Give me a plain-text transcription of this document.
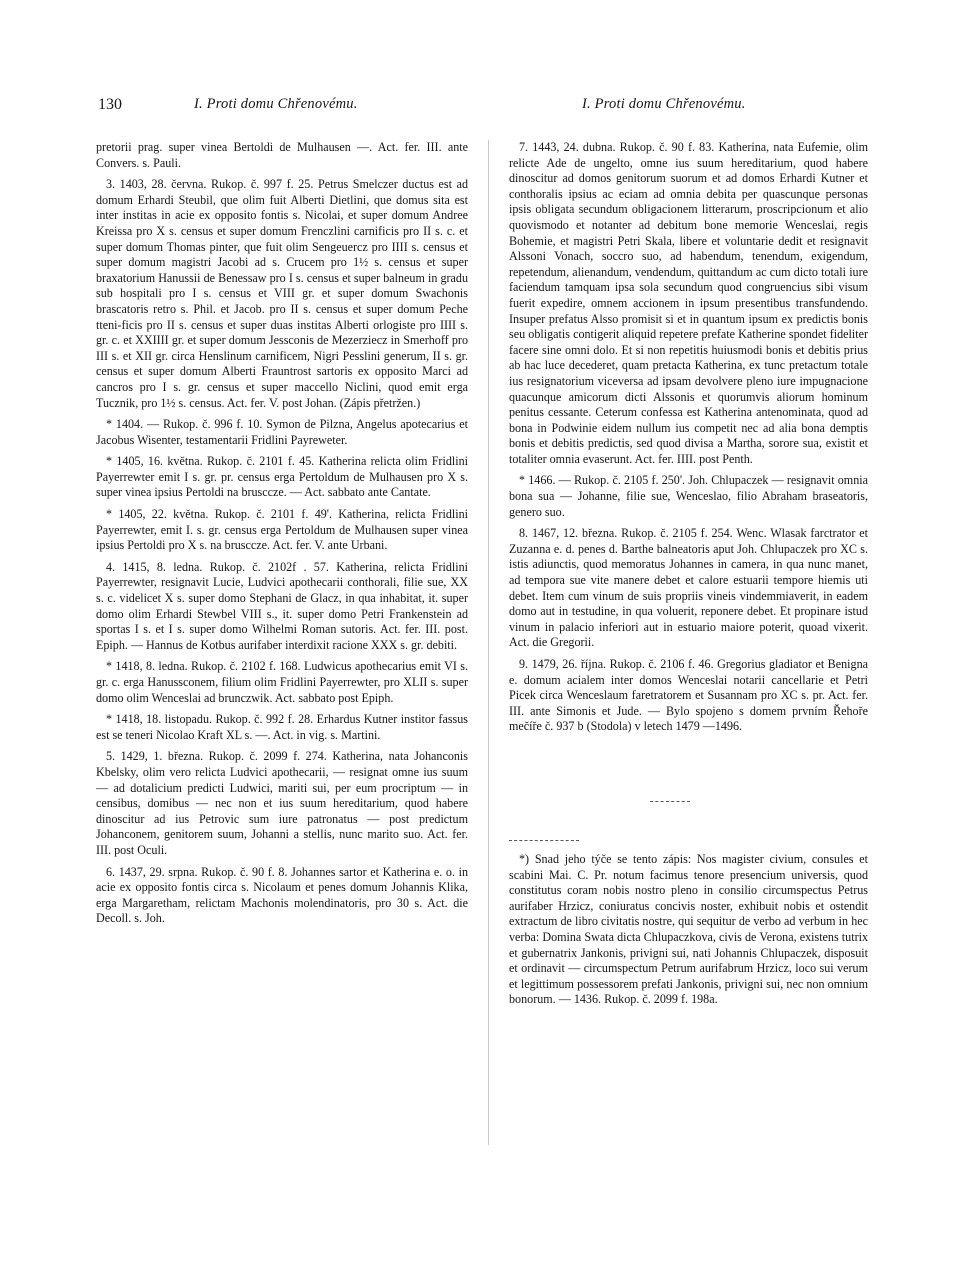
130	I. Proti domu Chřenovému.	I. Proti domu Chřenovému.

pretorii prag. super vinea Bertoldi de Mulhausen —. Act. fer. III. ante Convers. s. Pauli.

3. 1403, 28. června. Rukop. č. 997 f. 25. Petrus Smelczer ductus est ad domum Erhardi Steubil, que olim fuit Alberti Dietlini, que domus sita est inter institas in acie ex opposito fontis s. Nicolai, et super domum Andree Kreissa pro X s. census et super domum Frenczlini carnificis pro II s. c. et super domum Thomas pinter, que fuit olim Sengeuercz pro IIII s. census et super domum magistri Jacobi ad s. Crucem pro 1½ s. census et super braxatorium Hanussii de Benessaw pro I s. census et super balneum in gradu sub hospitali pro I s. census et VIII gr. et super domum Swachonis brascatoris retro s. Phil. et Jacob. pro II s. census et super domum Peche tteni-ficis pro II s. census et super duas institas Alberti orlogiste pro IIII s. gr. c. et XXIIII gr. et super domum Jessconis de Mezerziecz in Smerhoff pro III s. et XII gr. circa Henslinum carnificem, Nigri Pesslini generum, II s. gr. census et super domum Alberti Frauntrost sartoris ex opposito Marci ad cancros pro I s. gr. census et super maccello Niclini, quod emit erga Tucznik, pro 1½ s. census. Act. fer. V. post Johan. (Zápis přetržen.)

* 1404. — Rukop. č. 996 f. 10. Symon de Pilzna, Angelus apotecarius et Jacobus Wisenter, testamentarii Fridlini Payreweter.

* 1405, 16. května. Rukop. č. 2101 f. 45. Katherina relicta olim Fridlini Payerrewter emit I s. gr. pr. census erga Pertoldum de Mulhausen pro X s. super vinea ipsius Pertoldi na brusccze. — Act. sabbato ante Cantate.

* 1405, 22. května. Rukop. č. 2101 f. 49'. Katherina, relicta Fridlini Payerrewter, emit I. s. gr. census erga Pertoldum de Mulhausen super vinea ipsius Pertoldi pro X s. na brusccze. Act. fer. V. ante Urbani.

4. 1415, 8. ledna. Rukop. č. 2102f . 57. Katherina, relicta Fridlini Payerrewter, resignavit Lucie, Ludvici apothecarii conthorali, filie sue, XX s. c. videlicet X s. super domo Stephani de Glacz, in qua inhabitat, it. super domo olim Erhardi Stewbel VIII s., it. super domo Petri Frankenstein ad sportas I s. et I s. super domo Wilhelmi Roman sutoris. Act. fer. III. post. Epiph. — Hannus de Kotbus aurifaber interdixit racione XXX s. gr. debiti.

* 1418, 8. ledna. Rukop. č. 2102 f. 168. Ludwicus apothecarius emit VI s. gr. c. erga Hanussconem, filium olim Fridlini Payerrewter, pro XLII s. super domo olim Wenceslai ad brunczwik. Act. sabbato post Epiph.

* 1418, 18. listopadu. Rukop. č. 992 f. 28. Erhardus Kutner institor fassus est se teneri Nicolao Kraft XL s. —. Act. in vig. s. Martini.

5. 1429, 1. března. Rukop. č. 2099 f. 274. Katherina, nata Johanconis Kbelsky, olim vero relicta Ludvici apothecarii, — resignat omne ius suum — ad dotalicium predicti Ludwici, mariti sui, per eum procriptum — in censibus, domibus — nec non et ius suum hereditarium, quod habere dinoscitur ad ius Petrovic sum iure patronatus — post predictum Johanconem, genitorem suum, Johanni a stellis, nunc marito suo. Act. fer. III. post Oculi.

6. 1437, 29. srpna. Rukop. č. 90 f. 8. Johannes sartor et Katherina e. o. in acie ex opposito fontis circa s. Nicolaum et penes domum Johannis Klika, erga Margaretham, relictam Machonis molendinatoris, pro 30 s. Act. die Decoll. s. Joh.

7. 1443, 24. dubna. Rukop. č. 90 f. 83. Katherina, nata Eufemie, olim relicte Ade de ungelto, omne ius suum hereditarium, quod habere dinoscitur ad domos genitorum suorum et ad domos Erhardi Kutner et conthoralis ipsius ac eciam ad omnia debita per quascunque personas ipsis obligata secundum obligacionem litterarum, proscripcionum et alio quovismodo et notanter ad debitum bone memorie Wenceslai, regis Bohemie, et magistri Petri Skala, libere et voluntarie dedit et resignavit Alssoni Vonach, soccro suo, ad habendum, tenendum, exigendum, repetendum, alienandum, vendendum, quittandum ac cum dicto totali iure faciendum tamquam ipsa sola secundum quod congruencius sibi visum fuerit expedire, omnem accionem in ipsum presentibus transfundendo. Insuper prefatus Alsso promisit si et in quantum ipsum ex predictis bonis seu obligatis contigerit aliquid repetere prefate Katherine spondet fideliter facere sine omni dolo. Et si non repetitis huiusmodi bonis et debitis prius ab hac luce decederet, quam pretacta Katherina, ex tunc pretactum totale ius resignatorium viceversa ad ipsam devolvere pleno iure impugnacione quacunque amicorum dicti Alssonis et quorumvis aliorum hominum penitus cessante. Ceterum confessa est Katherina antenominata, quod ad bona in Podwinie eidem nullum ius competit nec ad alia bona demptis bonis et debitis predictis, sed quod divisa a Martha, sorore sua, existit et totaliter omnia evaserunt. Act. fer. IIII. post Penth.

* 1466. — Rukop. č. 2105 f. 250'. Joh. Chlupaczek — resignavit omnia bona sua — Johanne, filie sue, Wenceslao, filio Abraham braseatoris, genero suo.

8. 1467, 12. března. Rukop. č. 2105 f. 254. Wenc. Wlasak farctrator et Zuzanna e. d. penes d. Barthe balneatoris aput Joh. Chlupaczek pro XC s. istis adiunctis, quod memoratus Johannes in camera, in qua nunc manet, ad tempora sue vite manere debet et calore estuarii tempore hiemis uti debet. Item cum vinum de suis propriis vineis vindemmiaverit, in eadem domo aut in testudine, in qua voluerit, reponere debet. Et propinare istud vinum in palacio inferiori aut in estuario maiore poterit, quoad vixerit. Act. die Gregorii.

9. 1479, 26. října. Rukop. č. 2106 f. 46. Gregorius gladiator et Benigna e. domum acialem inter domos Wenceslai notarii cancellarie et Petri Picek circa Wenceslaum faretratorem et Susannam pro XC s. pr. Act. fer. III. ante Simonis et Jude. — Bylo spojeno s domem prvním Řehoře mečíře č. 937 b (Stodola) v letech 1479 —1496.

*) Snad jeho týče se tento zápis: Nos magister civium, consules et scabini Mai. C. Pr. notum facimus tenore presencium universis, quod constitutus coram nobis nostro pleno in consilio circumspectus Petrus aurifaber Hrzicz, coniuratus concivis noster, exhibuit nobis et ostendit extractum de libro civitatis nostre, qui sequitur de verbo ad verbum in hec verba: Domina Swata dicta Chlupaczkova, civis de Verona, existens tutrix et gubernatrix Jankonis, privigni sui, nati Johannis Chlupaczek, disposuit et ordinavit — circumspectum Petrum aurifabrum Hrzicz, loco sui verum et legittimum possessorem prefati Jankonis, privigni sui, nec non omnium bonorum. — 1436. Rukop. č. 2099 f. 198a.
